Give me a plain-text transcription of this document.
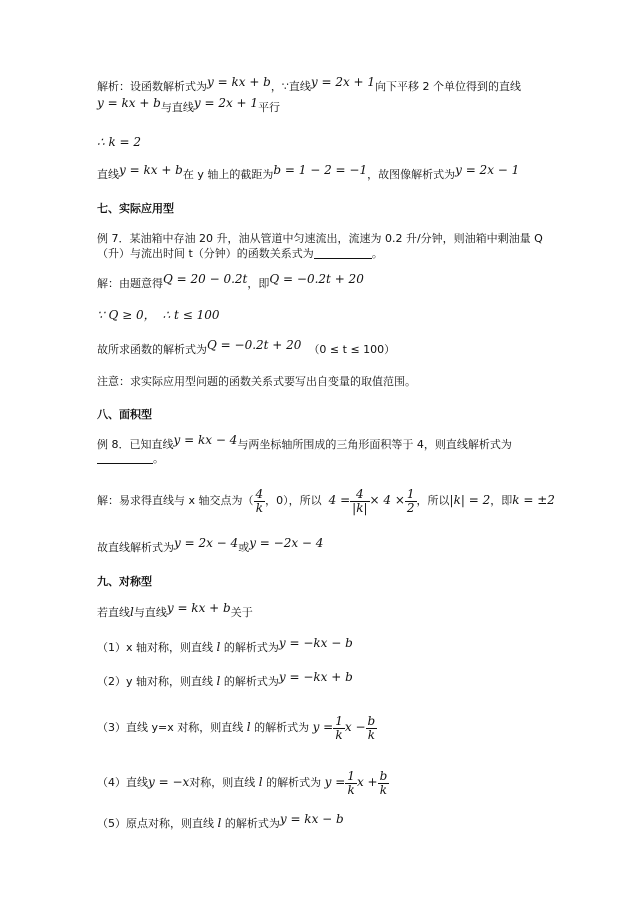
解析：设函数解析式为y = kx + b，∵直线y = 2x + 1向下平移 2 个单位得到的直线
y = kx + b与直线y = 2x + 1平行
∴ k = 2
直线y = kx + b在 y 轴上的截距为b = 1 − 2 = −1，故图像解析式为y = 2x − 1
七、实际应用型
例 7．某油箱中存油 20 升，油从管道中匀速流出，流速为 0.2 升/分钟，则油箱中剩油量 Q
（升）与流出时间 t（分钟）的函数关系式为	。
解：由题意得Q = 20 − 0.2t，即Q = −0.2t + 20
∵ Q ≥ 0， ∴ t ≤ 100
故所求函数的解析式为Q = −0.2t + 20 （0 ≤ t ≤ 100）
注意：求实际应用型问题的函数关系式要写出自变量的取值范围。
八、面积型
例 8．已知直线y = kx − 4与两坐标轴所围成的三角形面积等于 4，则直线解析式为
。
解：易求得直线与 x 轴交点为（ $\frac{4}{k}$ ，0），所以 $4 = \frac{4}{|k|} \times 4 \times \frac{1}{2}$ ，所以|k| = 2，即k = ±2
故直线解析式为y = 2x − 4或y = −2x − 4
九、对称型
若直线l与直线y = kx + b关于
（1）x 轴对称，则直线 l 的解析式为y = −kx − b
（2）y 轴对称，则直线 l 的解析式为y = −kx + b
（3）直线 y=x 对称，则直线 l 的解析式为 $y = \frac{1}{k}$ $x - \frac{b}{k}$
（4）直线y = −x对称，则直线 l 的解析式为 $y = \frac{1}{k}$ $x + \frac{b}{k}$
（5）原点对称，则直线 l 的解析式为y = kx − b
